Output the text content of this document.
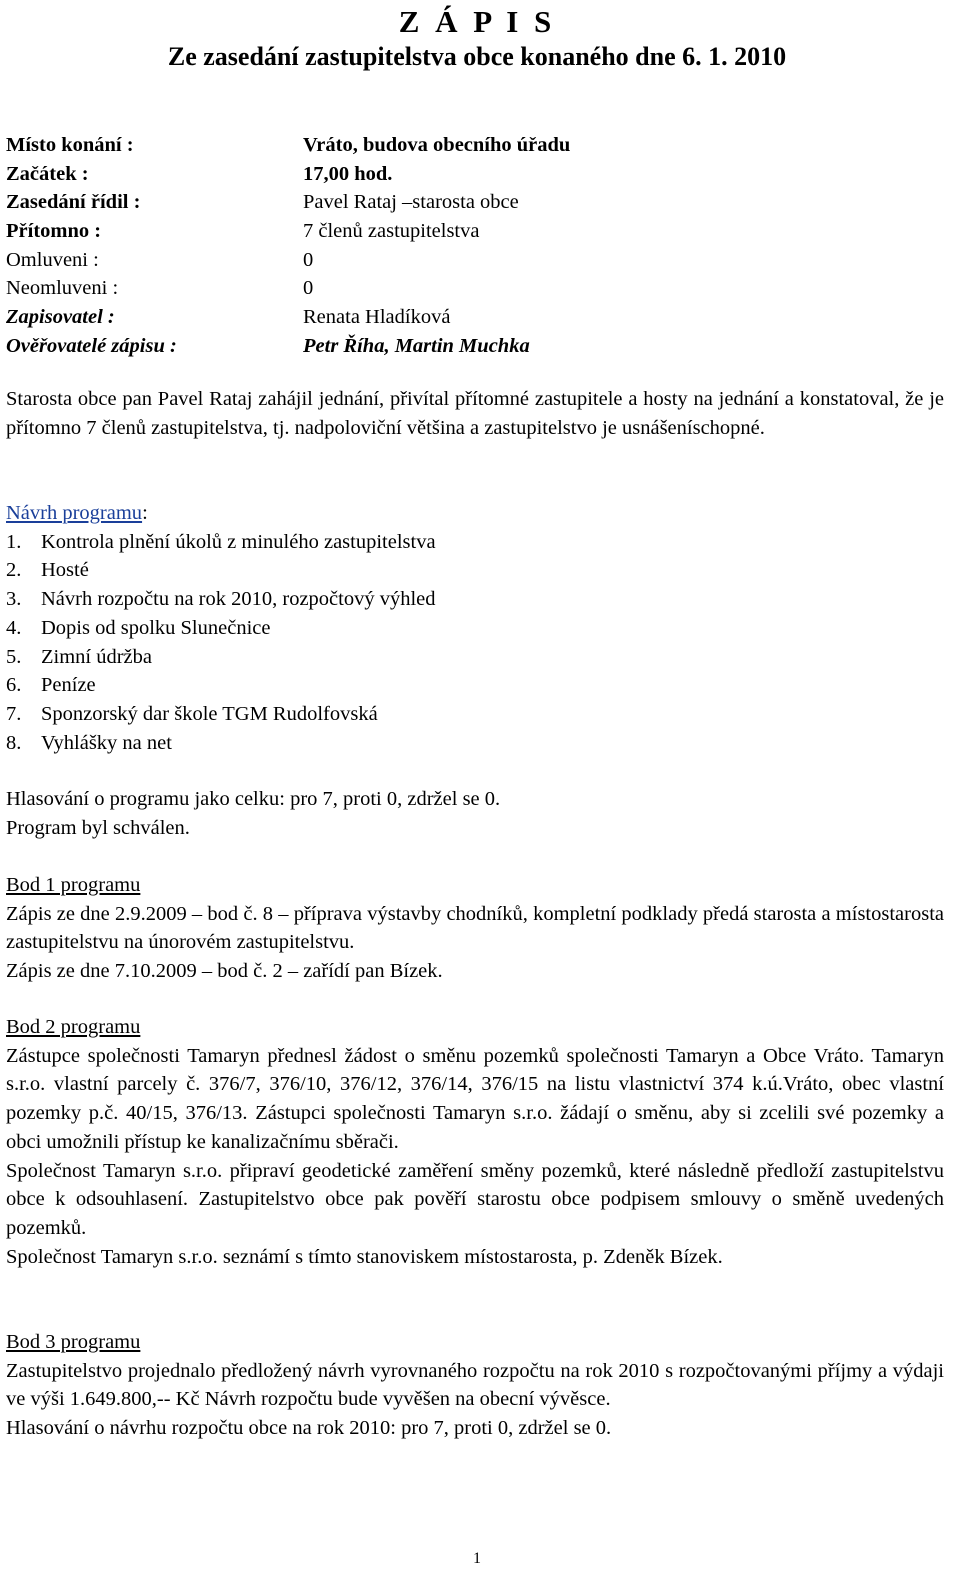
Z Á P I S
Ze zasedání zastupitelstva obce konaného dne 6. 1. 2010
Místo konání :	Vráto, budova obecního úřadu
Začátek :	17,00 hod.
Zasedání řídil :	Pavel Rataj –starosta obce
Přítomno :	7 členů zastupitelstva
Omluveni :	0
Neomluveni :	0
Zapisovatel :	Renata Hladíková
Ověřovatelé zápisu :	Petr Říha, Martin Muchka
Starosta obce pan Pavel Rataj zahájil jednání, přivítal přítomné zastupitele a hosty na jednání a konstatoval, že je přítomno 7 členů zastupitelstva, tj. nadpoloviční většina a zastupitelstvo je usnášeníschopné.
Návrh programu:
1. Kontrola plnění úkolů z minulého zastupitelstva
2. Hosté
3. Návrh rozpočtu na rok 2010, rozpočtový výhled
4. Dopis od spolku Slunečnice
5. Zimní údržba
6. Peníze
7. Sponzorský dar škole TGM Rudolfovská
8. Vyhlášky na net
Hlasování o programu jako celku: pro 7, proti 0, zdržel se 0.
Program byl schválen.
Bod 1 programu
Zápis ze dne 2.9.2009 – bod č. 8 – příprava výstavby chodníků, kompletní podklady předá starosta a místostarosta zastupitelstvu na únorovém zastupitelstvu.
Zápis ze dne 7.10.2009 – bod č. 2 – zařídí pan Bízek.
Bod 2 programu
Zástupce společnosti Tamaryn přednesl žádost o směnu pozemků společnosti Tamaryn a Obce Vráto. Tamaryn s.r.o. vlastní parcely č. 376/7, 376/10, 376/12, 376/14, 376/15 na listu vlastnictví 374 k.ú.Vráto, obec vlastní pozemky p.č. 40/15, 376/13. Zástupci společnosti Tamaryn s.r.o. žádají o směnu, aby si zcelili své pozemky a obci umožnili přístup ke kanalizačnímu sběrači.
Společnost Tamaryn s.r.o. připraví geodetické zaměření směny pozemků, které následně předloží zastupitelstvu obce k odsouhlasení. Zastupitelstvo obce pak pověří starostu obce podpisem smlouvy o směně uvedených pozemků.
Společnost Tamaryn s.r.o. seznámí s tímto stanoviskem místostarosta, p. Zdeněk Bízek.
Bod 3 programu
Zastupitelstvo projednalo předložený návrh vyrovnaného rozpočtu na rok 2010 s rozpočtovanými příjmy a výdaji ve výši 1.649.800,-- Kč Návrh rozpočtu bude vyvěšen na obecní vývěsce.
Hlasování o návrhu rozpočtu obce na rok 2010: pro 7, proti 0, zdržel se 0.
1
